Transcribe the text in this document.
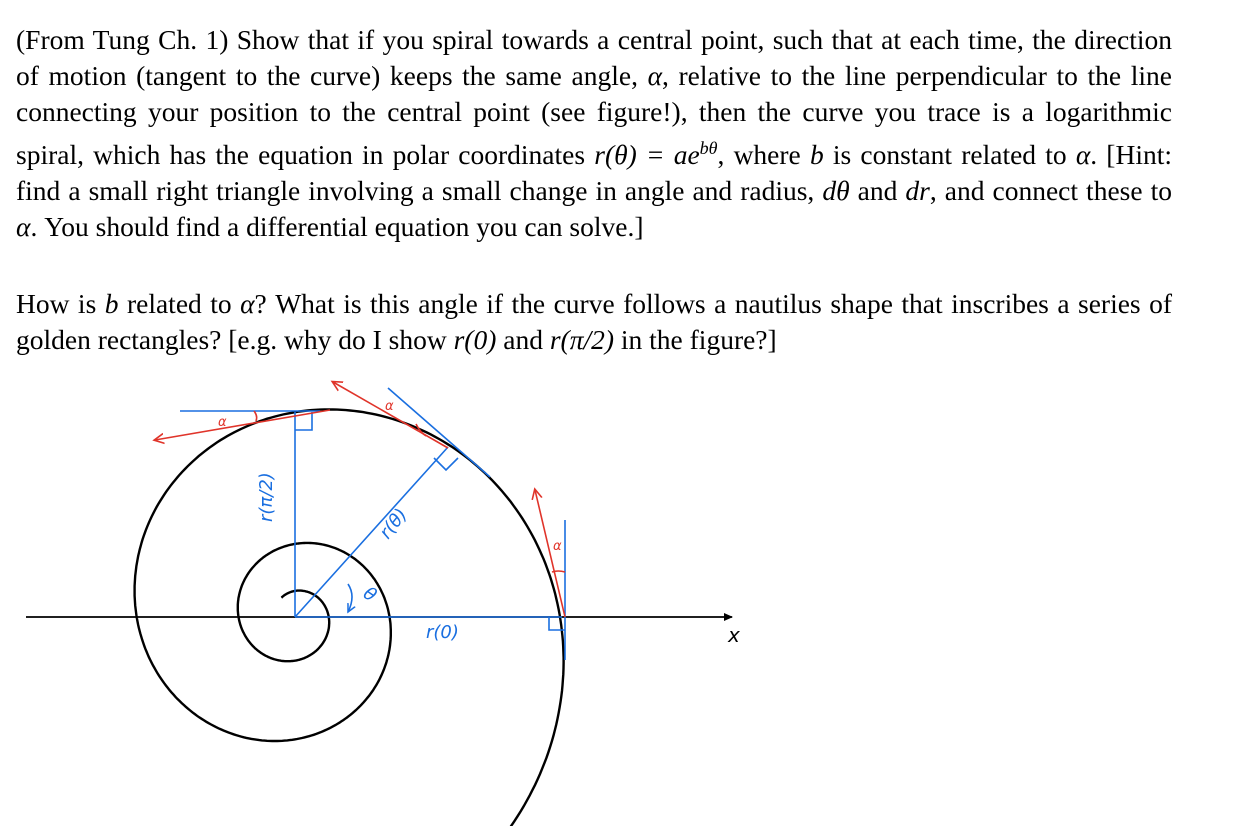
(From Tung Ch. 1) Show that if you spiral towards a central point, such that at each time, the direction of motion (tangent to the curve) keeps the same angle, α, relative to the line perpendicular to the line connecting your position to the central point (see figure!), then the curve you trace is a logarithmic spiral, which has the equation in polar coordinates $r(\theta) = ae^{b\theta}$, where b is constant related to α. [Hint: find a small right triangle involving a small change in angle and radius, dθ and dr, and connect these to α. You should find a differential equation you can solve.]

How is b related to α? What is this angle if the curve follows a nautilus shape that inscribes a series of golden rectangles? [e.g. why do I show r(0) and r(π/2) in the figure?]

x
α
α
α
r(π/2)
r(θ)
θ
r(0)
